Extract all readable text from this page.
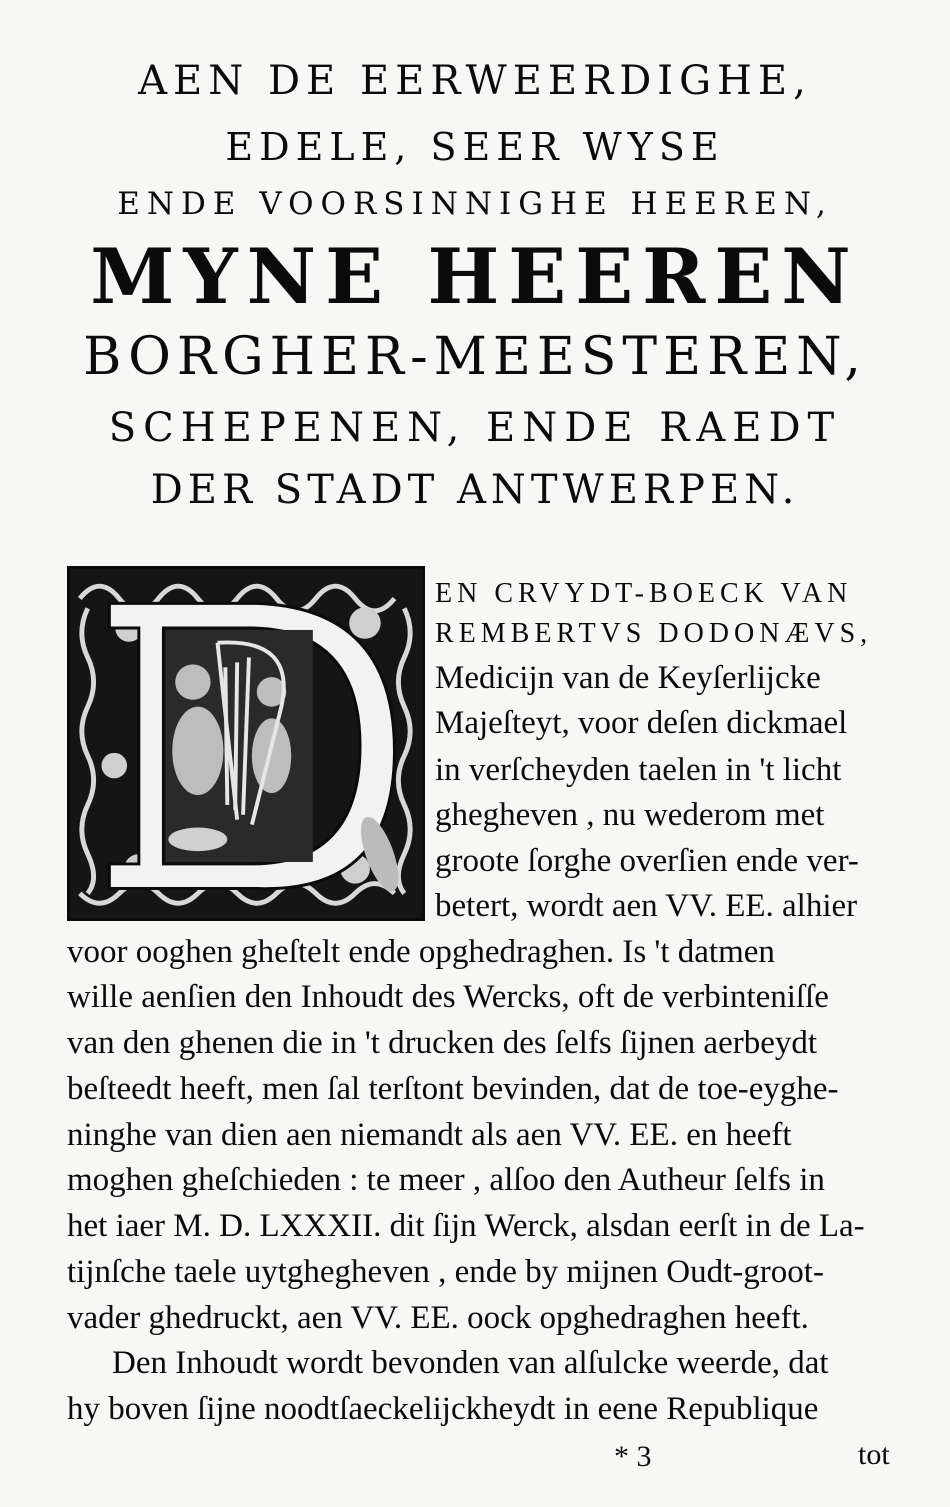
AEN DE EERWEERDIGHE,
EDELE, SEER WYSE
ENDE VOORSINNIGHE HEEREN,
MYNE HEEREN
BORGHER-MEESTEREN,
SCHEPENEN, ENDE RAEDT
DER STADT ANTWERPEN.
EN CRVYDT-BOECK VAN
REMBERTVS DODONÆVS,
Medicijn van de Keyſerlijcke
Majeſteyt, voor deſen dickmael
in verſcheyden taelen in 't licht
ghegheven , nu wederom met
groote ſorghe overſien ende ver-
betert, wordt aen VV. EE. alhier
voor ooghen gheſtelt ende opghedraghen. Is 't datmen
wille aenſien den Inhoudt des Wercks, oft de verbinteniſſe
van den ghenen die in 't drucken des ſelfs ſijnen aerbeydt
beſteedt heeft, men ſal terſtont bevinden, dat de toe-eyghe-
ninghe van dien aen niemandt als aen VV. EE. en heeft
moghen gheſchieden : te meer , alſoo den Autheur ſelfs in
het iaer M. D. LXXXII. dit ſijn Werck, alsdan eerſt in de La-
tijnſche taele uytghegheven , ende by mijnen Oudt-groot-
vader ghedruckt, aen VV. EE. oock opghedraghen heeft.
Den Inhoudt wordt bevonden van alſulcke weerde, dat
hy boven ſijne noodtſaeckelijckheydt in eene Republique
* 3	tot
